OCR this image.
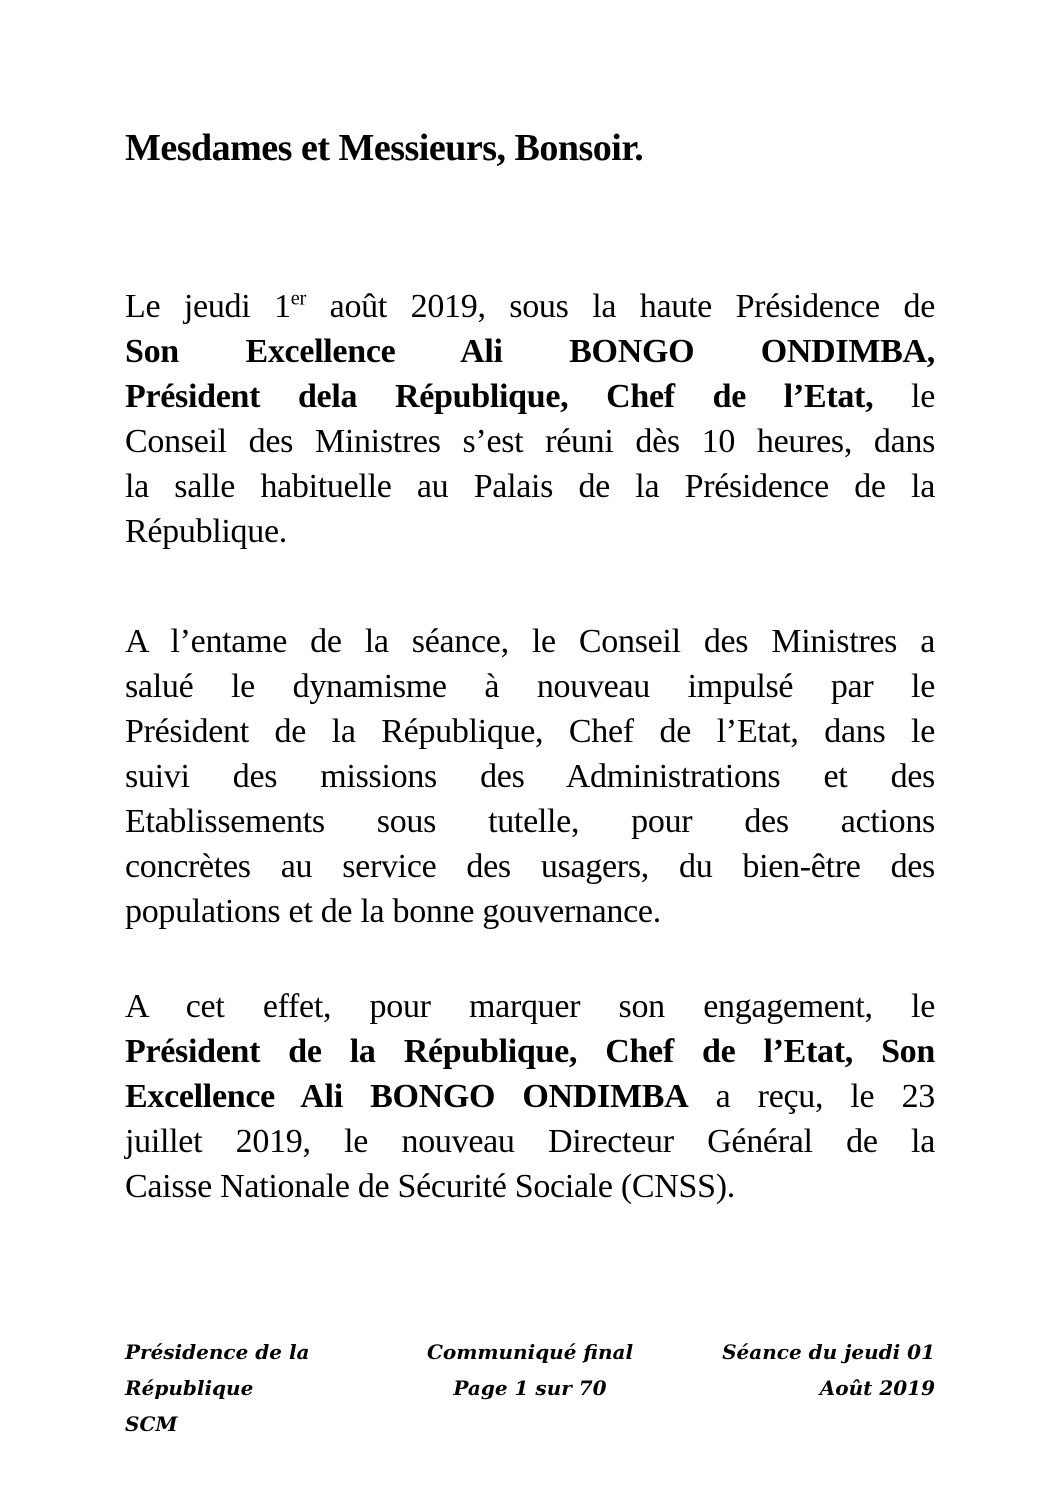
Mesdames et Messieurs, Bonsoir.
Le jeudi 1er août 2019, sous la haute Présidence de
Son Excellence Ali BONGO ONDIMBA,
Président dela République, Chef de l’Etat, le
Conseil des Ministres s’est réuni dès 10 heures, dans
la salle habituelle au Palais de la Présidence de la
République.
A l’entame de la séance, le Conseil des Ministres a
salué le dynamisme à nouveau impulsé par le
Président de la République, Chef de l’Etat, dans le
suivi des missions des Administrations et des
Etablissements sous tutelle, pour des actions
concrètes au service des usagers, du bien-être des
populations et de la bonne gouvernance.
A cet effet, pour marquer son engagement, le
Président de la République, Chef de l’Etat, Son
Excellence Ali BONGO ONDIMBA a reçu, le 23
juillet 2019, le nouveau Directeur Général de la
Caisse Nationale de Sécurité Sociale (CNSS).
Présidence de la République
SCM
Communiqué final
Page 1 sur 70
Séance du jeudi 01 Août 2019
